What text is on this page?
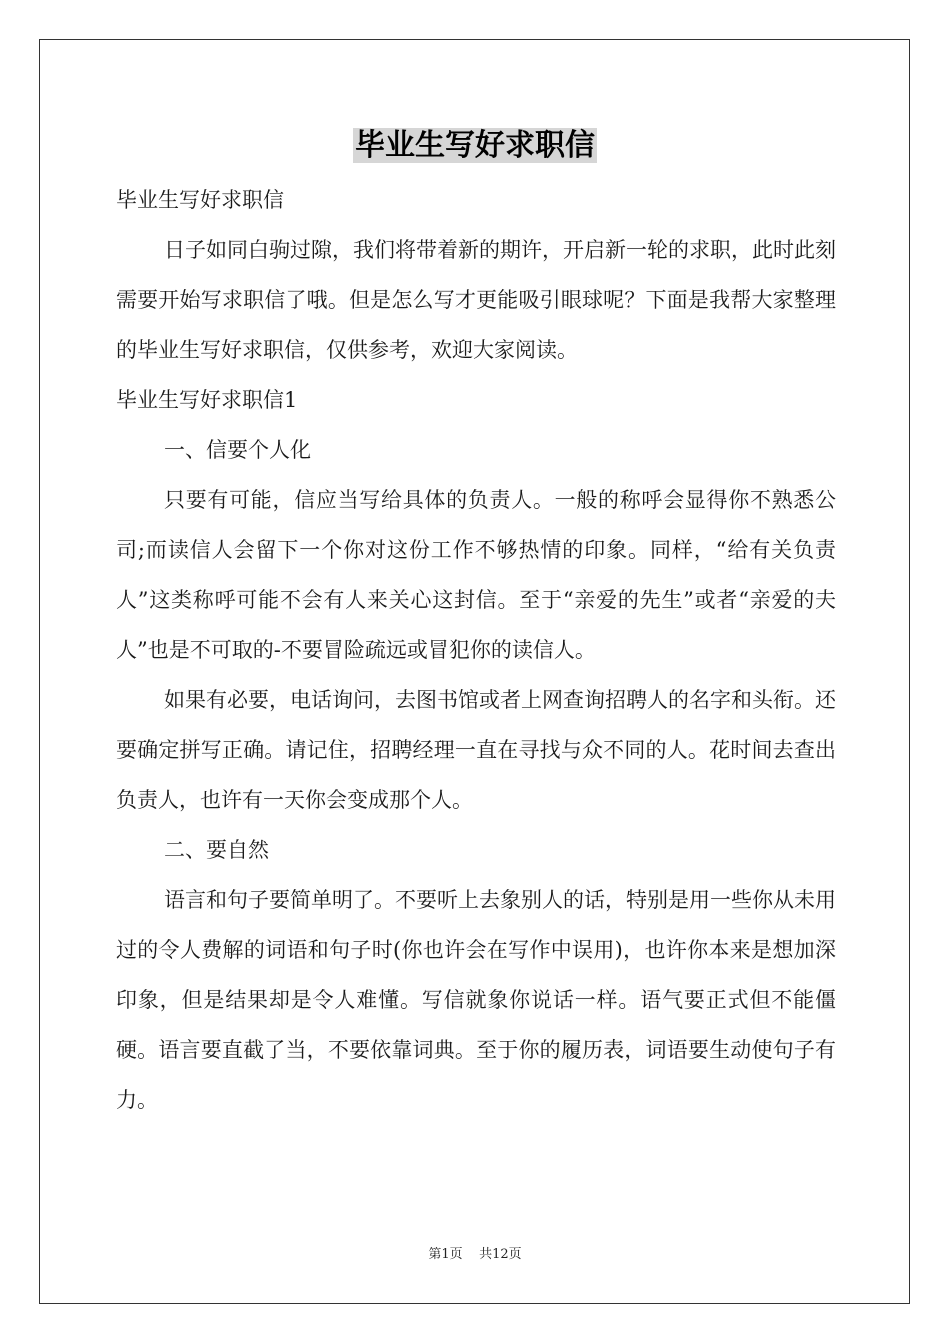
毕业生写好求职信

毕业生写好求职信

日子如同白驹过隙，我们将带着新的期许，开启新一轮的求职，此时此刻需要开始写求职信了哦。但是怎么写才更能吸引眼球呢？下面是我帮大家整理的毕业生写好求职信，仅供参考，欢迎大家阅读。

毕业生写好求职信1

一、信要个人化

只要有可能，信应当写给具体的负责人。一般的称呼会显得你不熟悉公司;而读信人会留下一个你对这份工作不够热情的印象。同样，“给有关负责人”这类称呼可能不会有人来关心这封信。至于“亲爱的先生”或者“亲爱的夫人”也是不可取的-不要冒险疏远或冒犯你的读信人。

如果有必要，电话询问，去图书馆或者上网查询招聘人的名字和头衔。还要确定拼写正确。请记住，招聘经理一直在寻找与众不同的人。花时间去查出负责人，也许有一天你会变成那个人。

二、要自然

语言和句子要简单明了。不要听上去象别人的话，特别是用一些你从未用过的令人费解的词语和句子时(你也许会在写作中误用)，也许你本来是想加深印象，但是结果却是令人难懂。写信就象你说话一样。语气要正式但不能僵硬。语言要直截了当，不要依靠词典。至于你的履历表，词语要生动使句子有力。

第1页 共12页
